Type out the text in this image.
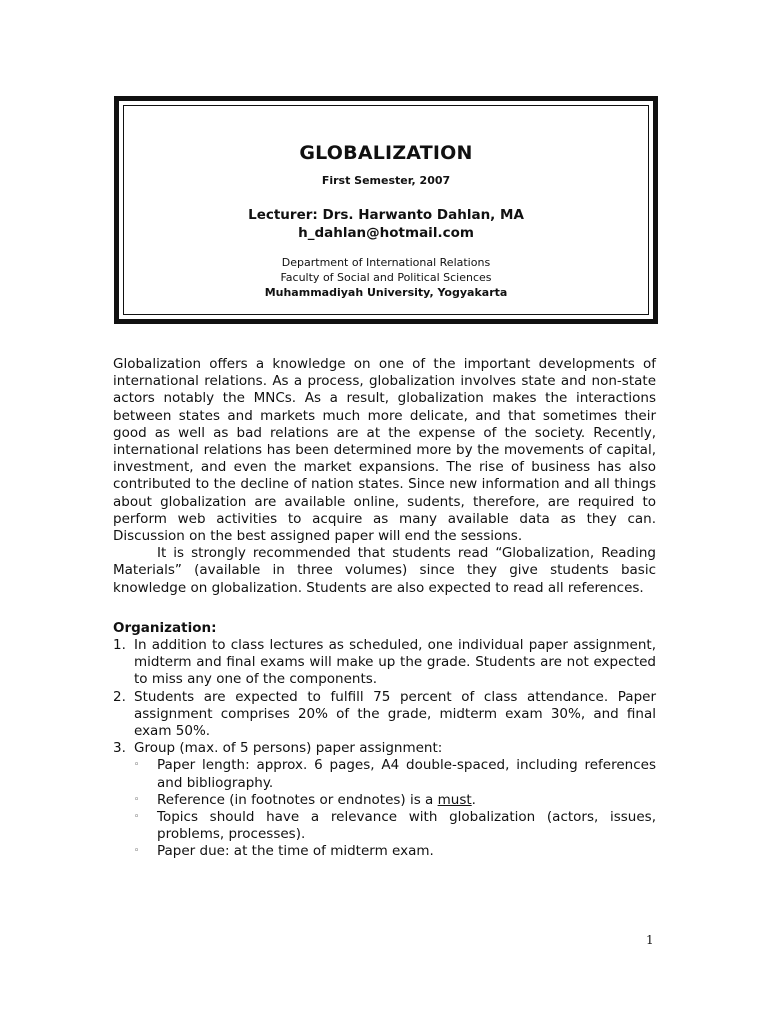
GLOBALIZATION
First Semester, 2007
Lecturer: Drs. Harwanto Dahlan, MA
h_dahlan@hotmail.com
Department of International Relations
Faculty of Social and Political Sciences
Muhammadiyah University, Yogyakarta

Globalization offers a knowledge on one of the important developments of international relations. As a process, globalization involves state and non-state actors notably the MNCs. As a result, globalization makes the interactions between states and markets much more delicate, and that sometimes their good as well as bad relations are at the expense of the society. Recently, international relations has been determined more by the movements of capital, investment, and even the market expansions. The rise of business has also contributed to the decline of nation states. Since new information and all things about globalization are available online, sudents, therefore, are required to perform web activities to acquire as many available data as they can. Discussion on the best assigned paper will end the sessions.

It is strongly recommended that students read “Globalization, Reading Materials” (available in three volumes) since they give students basic knowledge on globalization. Students are also expected to read all references.

Organization:
1. In addition to class lectures as scheduled, one individual paper assignment, midterm and final exams will make up the grade. Students are not expected to miss any one of the components.
2. Students are expected to fulfill 75 percent of class attendance. Paper assignment comprises 20% of the grade, midterm exam 30%, and final exam 50%.
3. Group (max. of 5 persons) paper assignment:
◦ Paper length: approx. 6 pages, A4 double-spaced, including references and bibliography.
◦ Reference (in footnotes or endnotes) is a must.
◦ Topics should have a relevance with globalization (actors, issues, problems, processes).
◦ Paper due: at the time of midterm exam.
1
